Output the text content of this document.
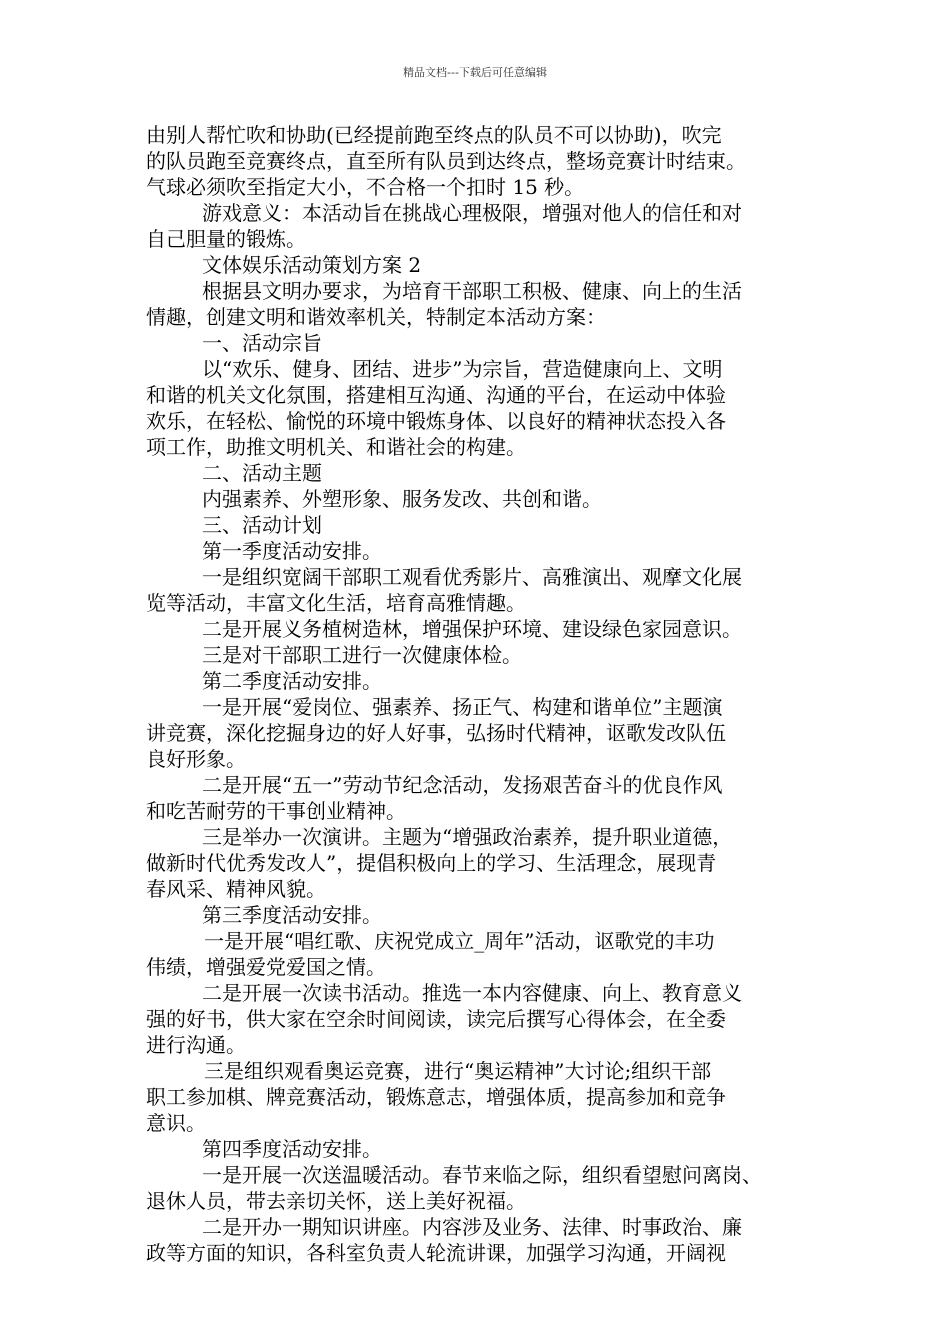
精品文档---下载后可任意编辑
由别人帮忙吹和协助(已经提前跑至终点的队员不可以协助)，吹完
的队员跑至竞赛终点，直至所有队员到达终点，整场竞赛计时结束。
气球必须吹至指定大小，不合格一个扣时 15 秒。
游戏意义：本活动旨在挑战心理极限，增强对他人的信任和对
自己胆量的锻炼。
文体娱乐活动策划方案 2
根据县文明办要求，为培育干部职工积极、健康、向上的生活
情趣，创建文明和谐效率机关，特制定本活动方案：
一、活动宗旨
以“欢乐、健身、团结、进步”为宗旨，营造健康向上、文明
和谐的机关文化氛围，搭建相互沟通、沟通的平台，在运动中体验
欢乐，在轻松、愉悦的环境中锻炼身体、以良好的精神状态投入各
项工作，助推文明机关、和谐社会的构建。
二、活动主题
内强素养、外塑形象、服务发改、共创和谐。
三、活动计划
第一季度活动安排。
一是组织宽阔干部职工观看优秀影片、高雅演出、观摩文化展
览等活动，丰富文化生活，培育高雅情趣。
二是开展义务植树造林，增强保护环境、建设绿色家园意识。
三是对干部职工进行一次健康体检。
第二季度活动安排。
一是开展“爱岗位、强素养、扬正气、构建和谐单位”主题演
讲竞赛，深化挖掘身边的好人好事，弘扬时代精神，讴歌发改队伍
良好形象。
二是开展“五一”劳动节纪念活动，发扬艰苦奋斗的优良作风
和吃苦耐劳的干事创业精神。
三是举办一次演讲。主题为“增强政治素养，提升职业道德，
做新时代优秀发改人”，提倡积极向上的学习、生活理念，展现青
春风采、精神风貌。
第三季度活动安排。
一是开展“唱红歌、庆祝党成立_周年”活动，讴歌党的丰功
伟绩，增强爱党爱国之情。
二是开展一次读书活动。推选一本内容健康、向上、教育意义
强的好书，供大家在空余时间阅读，读完后撰写心得体会，在全委
进行沟通。
三是组织观看奥运竞赛，进行“奥运精神”大讨论;组织干部
职工参加棋、牌竞赛活动，锻炼意志，增强体质，提高参加和竞争
意识。
第四季度活动安排。
一是开展一次送温暖活动。春节来临之际，组织看望慰问离岗、
退休人员，带去亲切关怀，送上美好祝福。
二是开办一期知识讲座。内容涉及业务、法律、时事政治、廉
政等方面的知识，各科室负责人轮流讲课，加强学习沟通，开阔视
